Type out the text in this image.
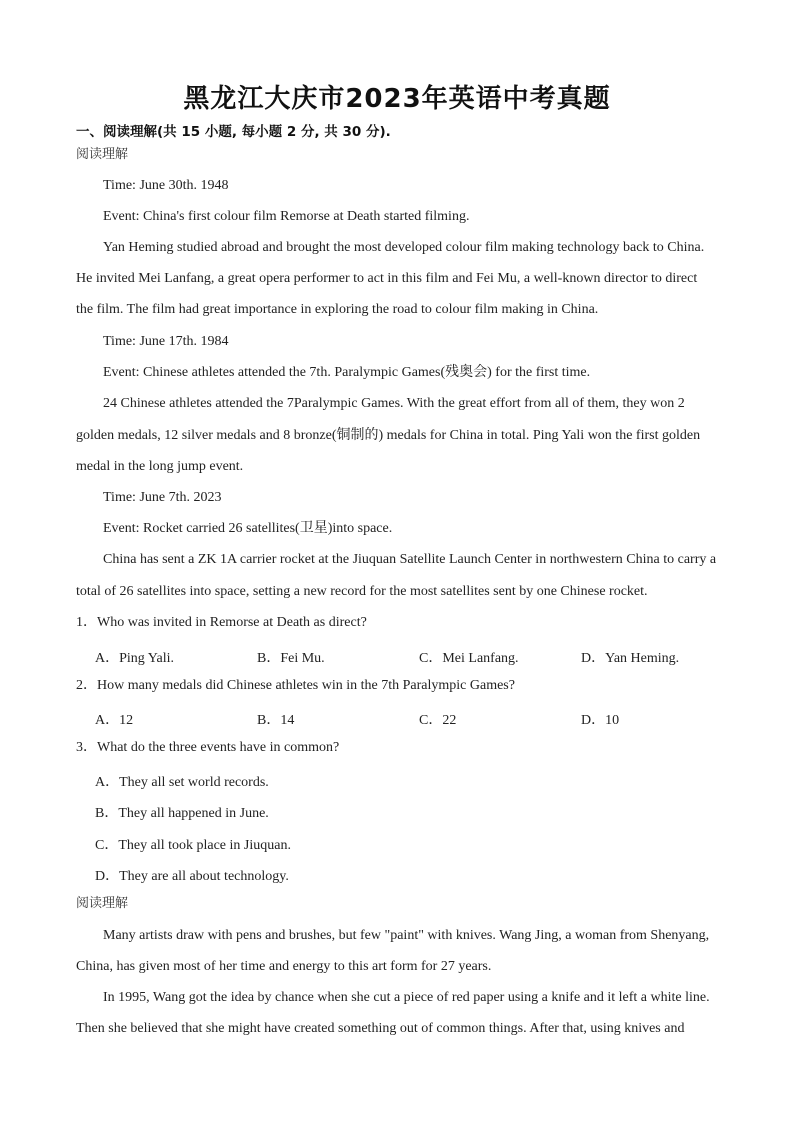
黑龙江大庆市2023年英语中考真题
一、阅读理解(共 15 小题, 每小题 2 分, 共 30 分).
阅读理解
Time: June 30th. 1948
Event: China's first colour film Remorse at Death started filming.
Yan Heming studied abroad and brought the most developed colour film making technology back to China.
He invited Mei Lanfang, a great opera performer to act in this film and Fei Mu, a well-known director to direct
the film. The film had great importance in exploring the road to colour film making in China.
Time: June 17th. 1984
Event: Chinese athletes attended the 7th. Paralympic Games(残奥会) for the first time.
24 Chinese athletes attended the 7Paralympic Games. With the great effort from all of them, they won 2
golden medals, 12 silver medals and 8 bronze(铜制的) medals for China in total. Ping Yali won the first golden
medal in the long jump event.
Time: June 7th. 2023
Event: Rocket carried 26 satellites(卫星)into space.
China has sent a ZK 1A carrier rocket at the Jiuquan Satellite Launch Center in northwestern China to carry a
total of 26 satellites into space, setting a new record for the most satellites sent by one Chinese rocket.
1．Who was invited in Remorse at Death as direct?
A．Ping Yali.	B．Fei Mu.	C．Mei Lanfang.	D．Yan Heming.
2．How many medals did Chinese athletes win in the 7th Paralympic Games?
A．12	B．14	C．22	D．10
3．What do the three events have in common?
A．They all set world records.
B．They all happened in June.
C．They all took place in Jiuquan.
D．They are all about technology.
阅读理解
Many artists draw with pens and brushes, but few "paint" with knives. Wang Jing, a woman from Shenyang,
China, has given most of her time and energy to this art form for 27 years.
In 1995, Wang got the idea by chance when she cut a piece of red paper using a knife and it left a white line.
Then she believed that she might have created something out of common things. After that, using knives and
